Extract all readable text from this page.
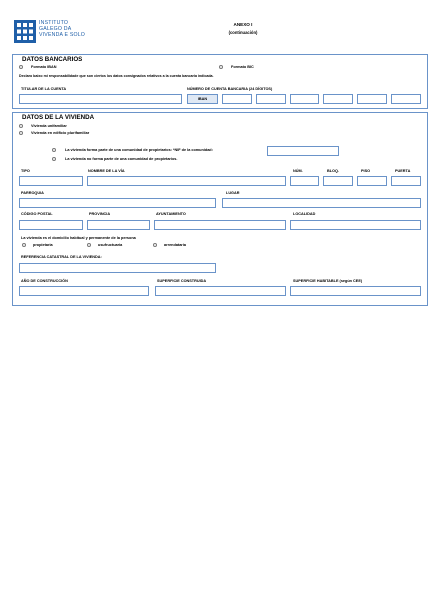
INSTITUTO
GALEGO DA
VIVENDA E SOLO
ANEXO I
(continuación)
DATOS BANCARIOS
Formato IBAN	Formato BIC
Declaro baixo mi responsabilidade que son ciertos los datos consignados relativos a la cuenta bancaria indicada.
TITULAR DE LA CUENTA	NÚMERO DE CUENTA BANCARIA (24 DÍGITOS)
IBAN
DATOS DE LA VIVIENDA
Vivienda unifamiliar
Vivienda en edificio plurifamiliar
La vivienda forma parte de una comunidad de propietarios: *NIF de la comunidad:
La vivienda no forma parte de una comunidad de propietarios.
TIPO	NOMBRE DE LA VÍA	NÚM.	BLOQ.	PISO	PUERTA
PARROQUIA	LUGAR
CÓDIGO POSTAL	PROVINCIA	AYUNTAMIENTO	LOCALIDAD
La vivienda es el domicilio habitual y permanente de la persona
propietaria	usufructuaria	arrendataria
REFERENCIA CATASTRAL DE LA VIVIENDA:
AÑO DE CONSTRUCCIÓN	SUPERFICIE CONSTRUIDA	SUPERFICIE HABITABLE (según CEE)
